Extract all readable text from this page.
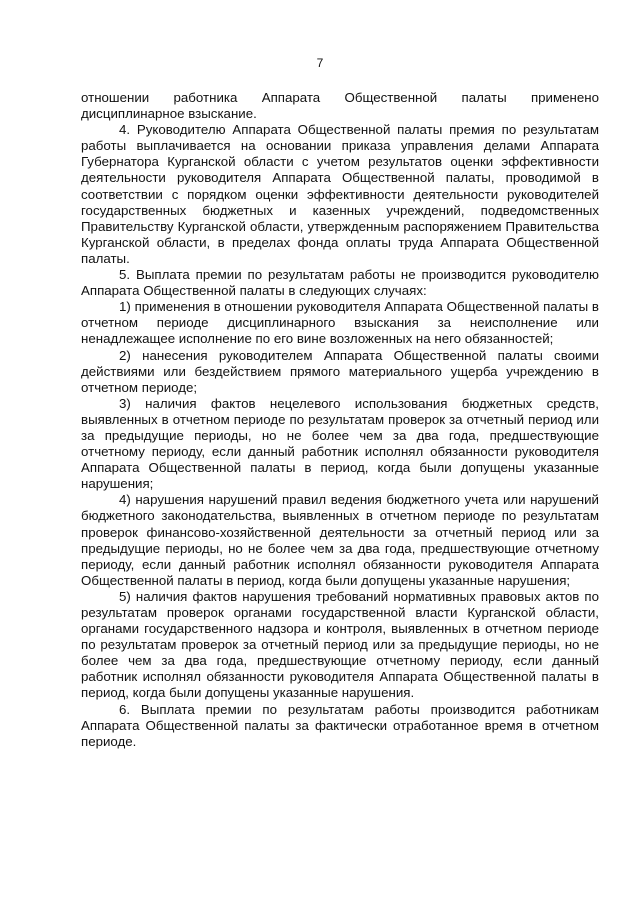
7

отношении работника Аппарата Общественной палаты применено дисциплинарное взыскание.

4. Руководителю Аппарата Общественной палаты премия по результатам работы выплачивается на основании приказа управления делами Аппарата Губернатора Курганской области с учетом результатов оценки эффективности деятельности руководителя Аппарата Общественной палаты, проводимой в соответствии с порядком оценки эффективности деятельности руководителей государственных бюджетных и казенных учреждений, подведомственных Правительству Курганской области, утвержденным распоряжением Правительства Курганской области, в пределах фонда оплаты труда Аппарата Общественной палаты.

5. Выплата премии по результатам работы не производится руководителю Аппарата Общественной палаты в следующих случаях:

1) применения в отношении руководителя Аппарата Общественной палаты в отчетном периоде дисциплинарного взыскания за неисполнение или ненадлежащее исполнение по его вине возложенных на него обязанностей;

2) нанесения руководителем Аппарата Общественной палаты своими действиями или бездействием прямого материального ущерба учреждению в отчетном периоде;

3) наличия фактов нецелевого использования бюджетных средств, выявленных в отчетном периоде по результатам проверок за отчетный период или за предыдущие периоды, но не более чем за два года, предшествующие отчетному периоду, если данный работник исполнял обязанности руководителя Аппарата Общественной палаты в период, когда были допущены указанные нарушения;

4) нарушения нарушений правил ведения бюджетного учета или нарушений бюджетного законодательства, выявленных в отчетном периоде по результатам проверок финансово-хозяйственной деятельности за отчетный период или за предыдущие периоды, но не более чем за два года, предшествующие отчетному периоду, если данный работник исполнял обязанности руководителя Аппарата Общественной палаты в период, когда были допущены указанные нарушения;

5) наличия фактов нарушения требований нормативных правовых актов по результатам проверок органами государственной власти Курганской области, органами государственного надзора и контроля, выявленных в отчетном периоде по результатам проверок за отчетный период или за предыдущие периоды, но не более чем за два года, предшествующие отчетному периоду, если данный работник исполнял обязанности руководителя Аппарата Общественной палаты в период, когда были допущены указанные нарушения.

6. Выплата премии по результатам работы производится работникам Аппарата Общественной палаты за фактически отработанное время в отчетном периоде.
